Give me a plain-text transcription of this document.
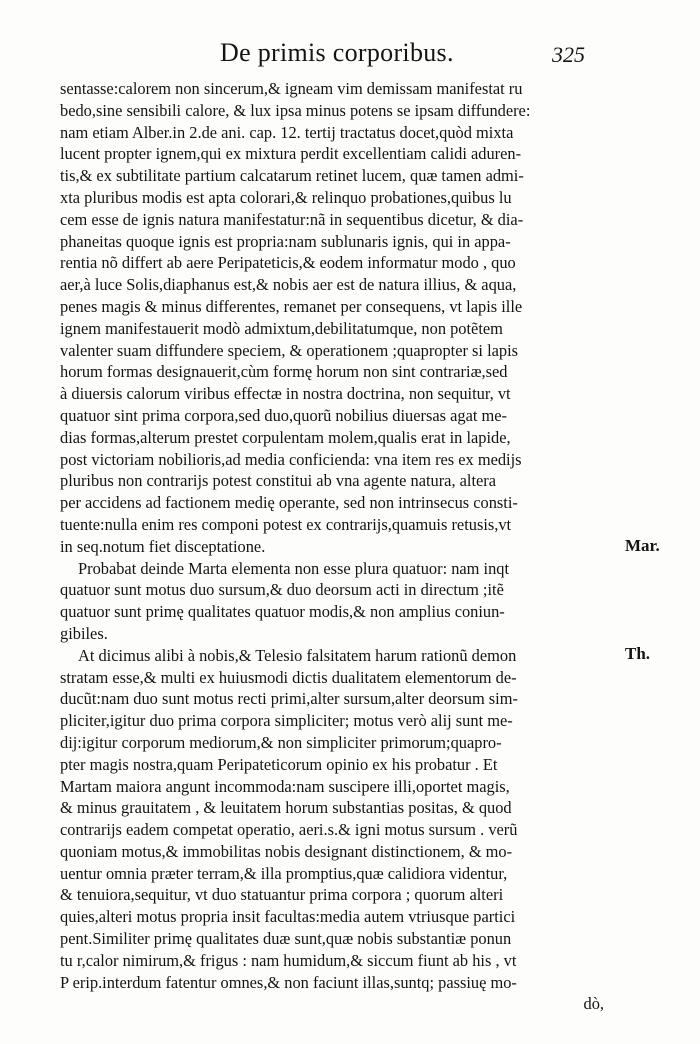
De primis corporibus.	325
sentasse:calorem non sincerum,& igneam vim demissam manifestat ru
bedo,sine sensibili calore, & lux ipsa minus potens se ipsam diffundere:
nam etiam Alber.in 2.de ani. cap. 12. tertij tractatus docet,quòd mixta
lucent propter ignem,qui ex mixtura perdit excellentiam calidi aduren-
tis,& ex subtilitate partium calcatarum retinet lucem, quæ tamen admi-
xta pluribus modis est apta colorari,& relinquo probationes,quibus lu
cem esse de ignis natura manifestatur:nã in sequentibus dicetur, & dia-
phaneitas quoque ignis est propria:nam sublunaris ignis, qui in appa-
rentia nõ differt ab aere Peripateticis,& eodem informatur modo , quo
aer,à luce Solis,diaphanus est,& nobis aer est de natura illius, & aqua,
penes magis & minus differentes, remanet per consequens, vt lapis ille
ignem manifestauerit modò admixtum,debilitatumque, non potẽtem
valenter suam diffundere speciem, & operationem ;quapropter si lapis
horum formas designauerit,cùm formę horum non sint contrariæ,sed
à diuersis calorum viribus effectæ in nostra doctrina, non sequitur, vt
quatuor sint prima corpora,sed duo,quorũ nobilius diuersas agat me-
dias formas,alterum prestet corpulentam molem,qualis erat in lapide,
post victoriam nobilioris,ad media conficienda: vna item res ex medijs
pluribus non contrarijs potest constitui ab vna agente natura, altera
per accidens ad factionem medię operante, sed non intrinsecus consti-
tuente:nulla enim res componi potest ex contrarijs,quamuis retusis,vt
in seq.notum fiet disceptatione.
Probabat deinde Marta elementa non esse plura quatuor: nam inqt
quatuor sunt motus duo sursum,& duo deorsum acti in directum ;itẽ
quatuor sunt primę qualitates quatuor modis,& non amplius coniun-
gibiles.
At dicimus alibi à nobis,& Telesio falsitatem harum rationũ demon
stratam esse,& multi ex huiusmodi dictis dualitatem elementorum de-
ducũt:nam duo sunt motus recti primi,alter sursum,alter deorsum sim-
pliciter,igitur duo prima corpora simpliciter; motus verò alij sunt me-
dij:igitur corporum mediorum,& non simpliciter primorum;quapro-
pter magis nostra,quam Peripateticorum opinio ex his probatur . Et
Martam maiora angunt incommoda:nam suscipere illi,oportet magis,
& minus grauitatem , & leuitatem horum substantias positas, & quod
contrarijs eadem competat operatio, aeri.s.& igni motus sursum . verũ
quoniam motus,& immobilitas nobis designant distinctionem, & mo-
uentur omnia præter terram,& illa promptius,quæ calidiora videntur,
& tenuiora,sequitur, vt duo statuantur prima corpora ; quorum alteri
quies,alteri motus propria insit facultas:media autem vtriusque partici
pent.Similiter primę qualitates duæ sunt,quæ nobis substantiæ ponun
tu r,calor nimirum,& frigus : nam humidum,& siccum fiunt ab his , vt
P erip.interdum fatentur omnes,& non faciunt illas,suntq; passiuę mo-
dò,
Mar.
Th.
